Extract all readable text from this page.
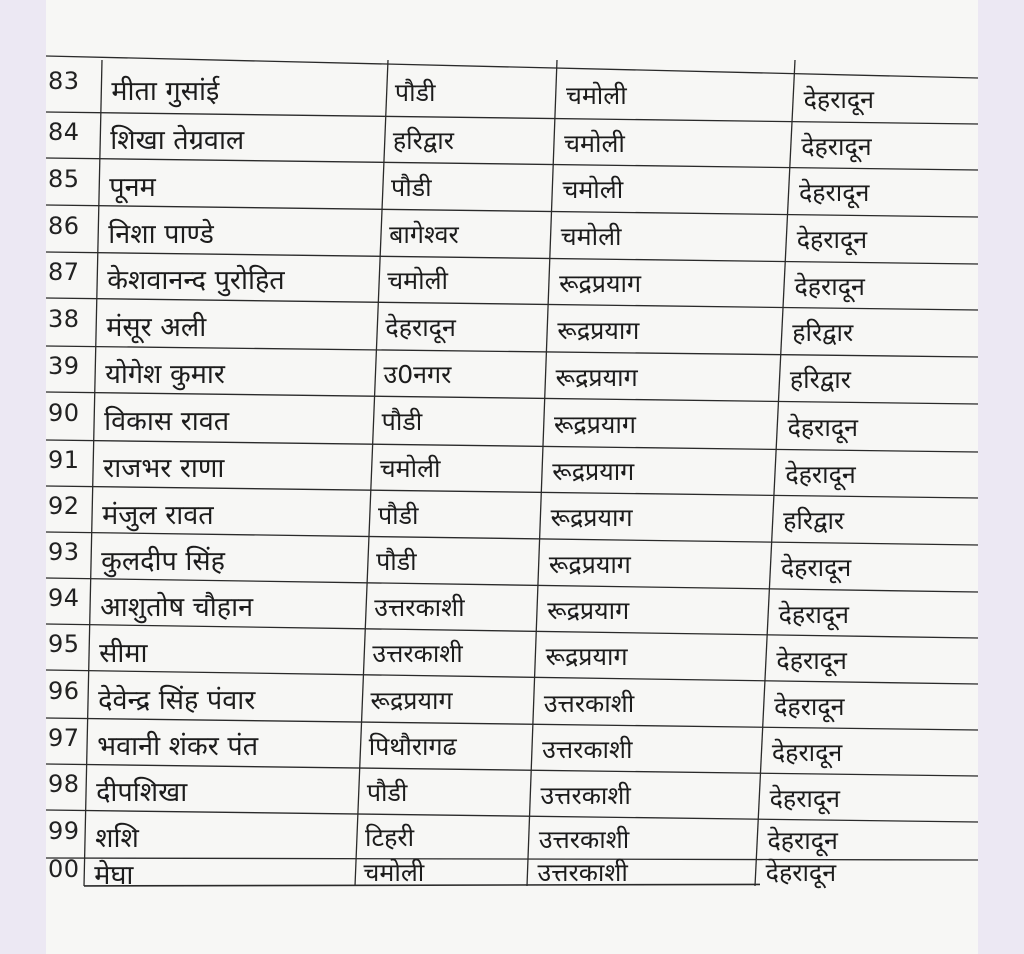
83 मीता गुसांई	पौडी	चमोली	देहरादून
84 शिखा तेग्रवाल	हरिद्वार	चमोली	देहरादून
85 पूनम	पौडी	चमोली	देहरादून
86 निशा पाण्डे	बागेश्वर	चमोली	देहरादून
87 केशवानन्द पुरोहित	चमोली	रूद्रप्रयाग	देहरादून
38 मंसूर अली	देहरादून	रूद्रप्रयाग	हरिद्वार
39 योगेश कुमार	उ0नगर	रूद्रप्रयाग	हरिद्वार
90 विकास रावत	पौडी	रूद्रप्रयाग	देहरादून
91 राजभर राणा	चमोली	रूद्रप्रयाग	देहरादून
92 मंजुल रावत	पौडी	रूद्रप्रयाग	हरिद्वार
93 कुलदीप सिंह	पौडी	रूद्रप्रयाग	देहरादून
94 आशुतोष चौहान	उत्तरकाशी	रूद्रप्रयाग	देहरादून
95 सीमा	उत्तरकाशी	रूद्रप्रयाग	देहरादून
96 देवेन्द्र सिंह पंवार	रूद्रप्रयाग	उत्तरकाशी	देहरादून
97 भवानी शंकर पंत	पिथौरागढ	उत्तरकाशी	देहरादून
98 दीपशिखा	पौडी	उत्तरकाशी	देहरादून
99 शशि	टिहरी	उत्तरकाशी	देहरादून
00 मेघा	चमोली	उत्तरकाशी	देहरादून
